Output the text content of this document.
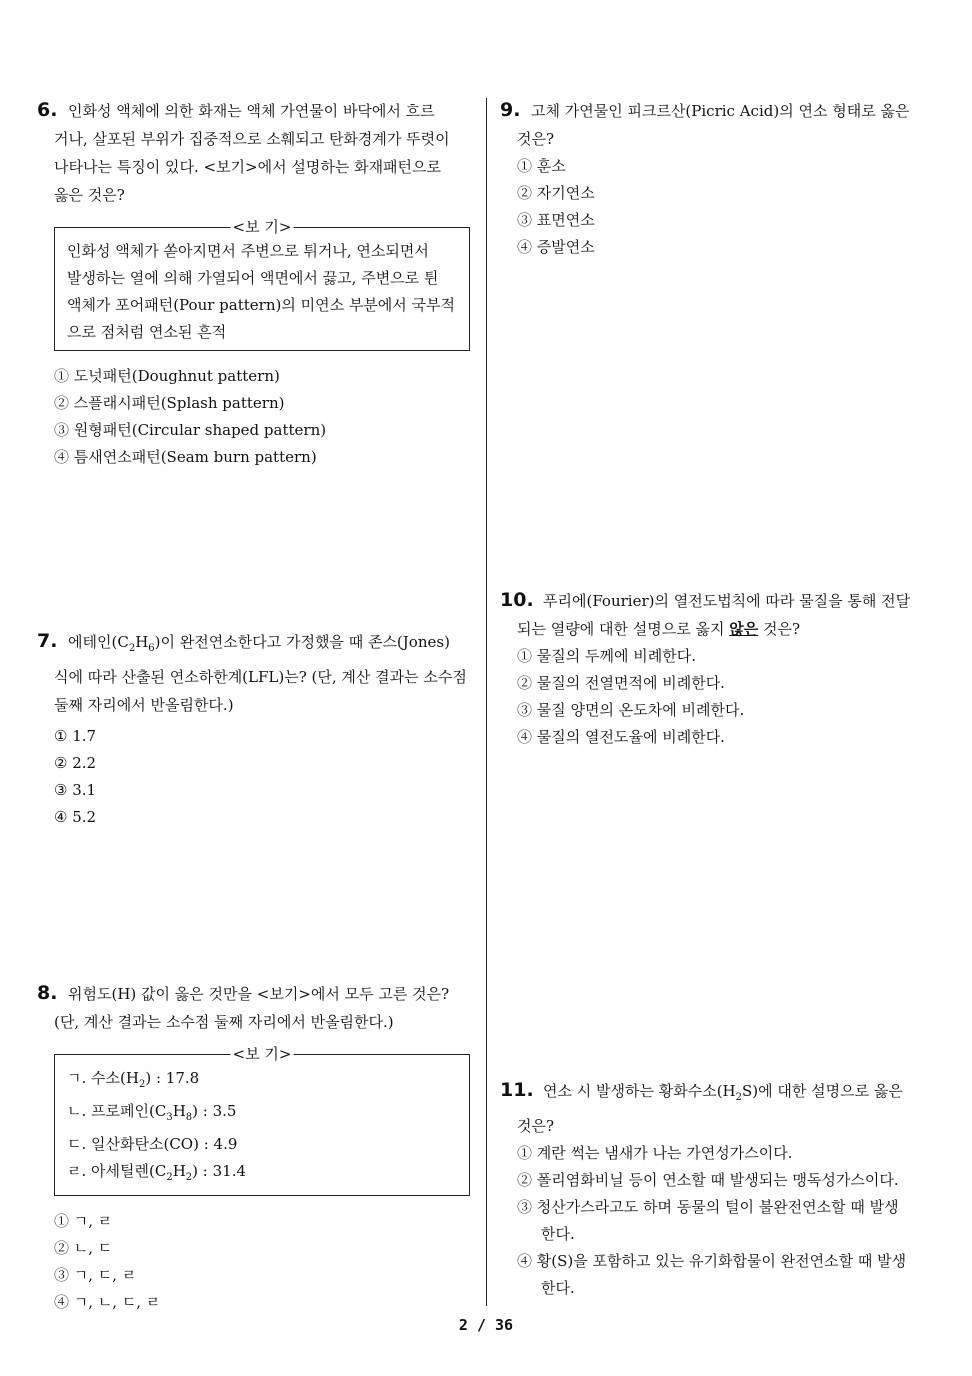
6. 인화성 액체에 의한 화재는 액체 가연물이 바닥에서 흐르
거나, 살포된 부위가 집중적으로 소훼되고 탄화경계가 뚜렷이
나타나는 특징이 있다. <보기>에서 설명하는 화재패턴으로
옳은 것은?
<보 기>
인화성 액체가 쏟아지면서 주변으로 튀거나, 연소되면서
발생하는 열에 의해 가열되어 액면에서 끓고, 주변으로 튄
액체가 포어패턴(Pour pattern)의 미연소 부분에서 국부적
으로 점처럼 연소된 흔적
① 도넛패턴(Doughnut pattern)
② 스플래시패턴(Splash pattern)
③ 원형패턴(Circular shaped pattern)
④ 틈새연소패턴(Seam burn pattern)
7. 에테인$(C_2H_6)$이 완전연소한다고 가정했을 때 존스(Jones)
식에 따라 산출된 연소하한계(LFL)는? (단, 계산 결과는 소수점
둘째 자리에서 반올림한다.)
① 1.7
② 2.2
③ 3.1
④ 5.2
8. 위험도(H) 값이 옳은 것만을 <보기>에서 모두 고른 것은?
(단, 계산 결과는 소수점 둘째 자리에서 반올림한다.)
<보 기>
ㄱ. 수소$(H_2)$ : 17.8
ㄴ. 프로페인$(C_3H_8)$ : 3.5
ㄷ. 일산화탄소(CO) : 4.9
ㄹ. 아세틸렌$(C_2H_2)$ : 31.4
① ㄱ, ㄹ
② ㄴ, ㄷ
③ ㄱ, ㄷ, ㄹ
④ ㄱ, ㄴ, ㄷ, ㄹ
9. 고체 가연물인 피크르산(Picric Acid)의 연소 형태로 옳은
것은?
① 훈소
② 자기연소
③ 표면연소
④ 증발연소
10. 푸리에(Fourier)의 열전도법칙에 따라 물질을 통해 전달
되는 열량에 대한 설명으로 옳지 않은 것은?
① 물질의 두께에 비례한다.
② 물질의 전열면적에 비례한다.
③ 물질 양면의 온도차에 비례한다.
④ 물질의 열전도율에 비례한다.
11. 연소 시 발생하는 황화수소$(H_2S)$에 대한 설명으로 옳은
것은?
① 계란 썩는 냄새가 나는 가연성가스이다.
② 폴리염화비닐 등이 연소할 때 발생되는 맹독성가스이다.
③ 청산가스라고도 하며 동물의 털이 불완전연소할 때 발생
한다.
④ 황(S)을 포함하고 있는 유기화합물이 완전연소할 때 발생
한다.
2 / 36
